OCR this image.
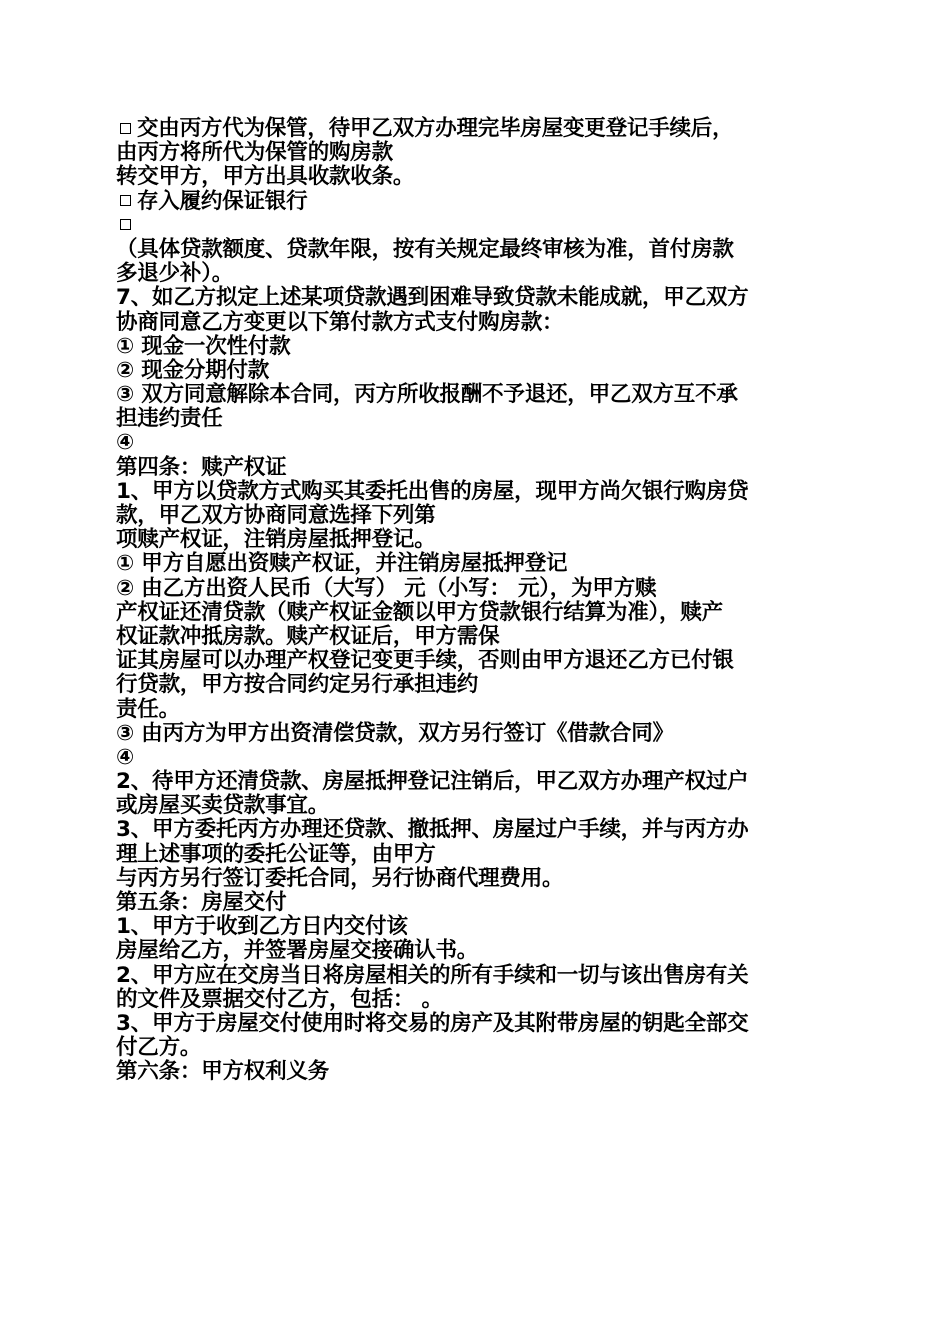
交由丙方代为保管，待甲乙双方办理完毕房屋变更登记手续后，
由丙方将所代为保管的购房款
转交甲方，甲方出具收款收条。
存入履约保证银行
（具体贷款额度、贷款年限，按有关规定最终审核为准，首付房款
多退少补）。
7、如乙方拟定上述某项贷款遇到困难导致贷款未能成就，甲乙双方
协商同意乙方变更以下第付款方式支付购房款：
① 现金一次性付款
② 现金分期付款
③ 双方同意解除本合同，丙方所收报酬不予退还，甲乙双方互不承
担违约责任
④
第四条：赎产权证
1、甲方以贷款方式购买其委托出售的房屋，现甲方尚欠银行购房贷
款，甲乙双方协商同意选择下列第
项赎产权证，注销房屋抵押登记。
① 甲方自愿出资赎产权证，并注销房屋抵押登记
② 由乙方出资人民币（大写） 元（小写： 元），为甲方赎
产权证还清贷款（赎产权证金额以甲方贷款银行结算为准），赎产
权证款冲抵房款。赎产权证后，甲方需保
证其房屋可以办理产权登记变更手续，否则由甲方退还乙方已付银
行贷款，甲方按合同约定另行承担违约
责任。
③ 由丙方为甲方出资清偿贷款，双方另行签订《借款合同》
④
2、待甲方还清贷款、房屋抵押登记注销后，甲乙双方办理产权过户
或房屋买卖贷款事宜。
3、甲方委托丙方办理还贷款、撤抵押、房屋过户手续，并与丙方办
理上述事项的委托公证等，由甲方
与丙方另行签订委托合同，另行协商代理费用。
第五条：房屋交付
1、甲方于收到乙方日内交付该
房屋给乙方，并签署房屋交接确认书。
2、甲方应在交房当日将房屋相关的所有手续和一切与该出售房有关
的文件及票据交付乙方，包括： 。
3、甲方于房屋交付使用时将交易的房产及其附带房屋的钥匙全部交
付乙方。
第六条：甲方权利义务
